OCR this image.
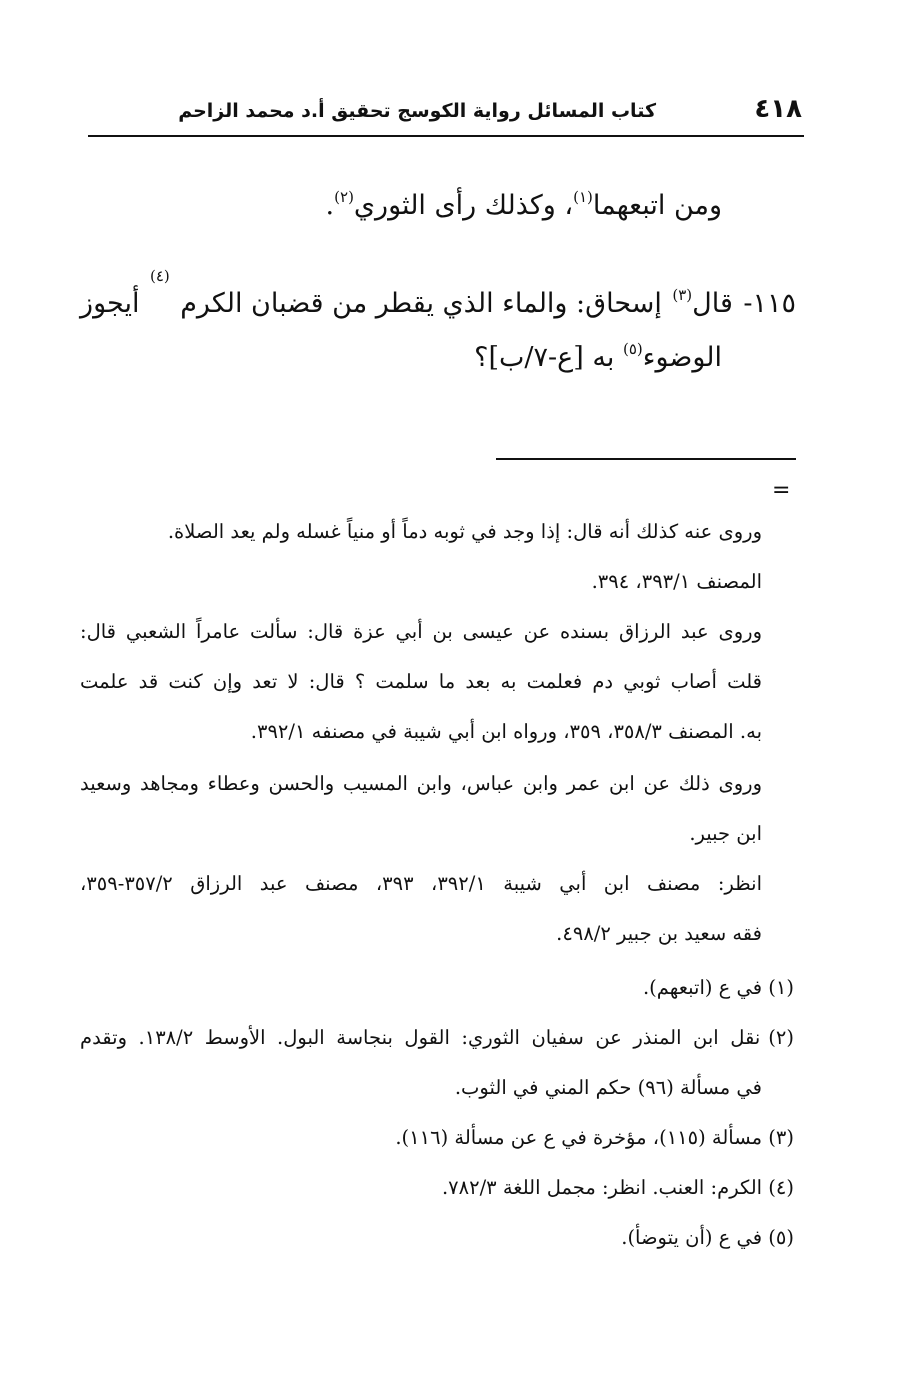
٤١٨
كتاب المسائل رواية الكوسج تحقيق أ.د محمد الزاحم
ومن اتبعهما$^{(١)}$، وكذلك رأى الثوري$^{(٢)}$.
١١٥-
قال$^{(٣)}$
إسحاق: والماء الذي يقطر من قضبان الكرم
(٤)
أيجوز
الوضوء$^{(٥)}$ به [ع-٧/ب]؟
=
وروى عنه كذلك أنه قال: إذا وجد في ثوبه دماً أو منياً غسله ولم يعد الصلاة.
المصنف ٣٩٣/١، ٣٩٤.
وروى عبد الرزاق بسنده عن عيسى بن أبي عزة قال: سألت عامراً الشعبي قال:
قلت أصاب ثوبي دم فعلمت به بعد ما سلمت ؟ قال: لا تعد وإن كنت قد علمت
به. المصنف ٣٥٨/٣، ٣٥٩، ورواه ابن أبي شيبة في مصنفه ٣٩٢/١.
وروى ذلك عن ابن عمر وابن عباس، وابن المسيب والحسن وعطاء ومجاهد وسعيد
ابن جبير.
انظر: مصنف ابن أبي شيبة ٣٩٢/١، ٣٩٣، مصنف عبد الرزاق ٣٥٧/٢-٣٥٩،
فقه سعيد بن جبير ٤٩٨/٢.
(١) في ع (اتبعهم).
(٢)
نقل ابن المنذر عن سفيان الثوري: القول بنجاسة البول. الأوسط ١٣٨/٢. وتقدم
في مسألة (٩٦) حكم المني في الثوب.
(٣) مسألة (١١٥)، مؤخرة في ع عن مسألة (١١٦).
(٤) الكرم: العنب. انظر: مجمل اللغة ٧٨٢/٣.
(٥) في ع (أن يتوضأ).
